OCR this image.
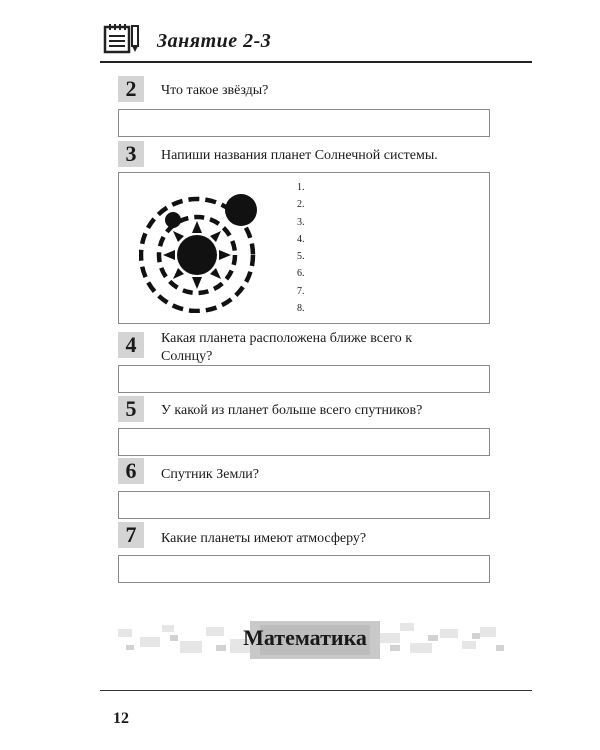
Занятие 2-3
2	Что такое звёзды?
3	Напиши названия планет Солнечной системы.
1.
2.
3.
4.
5.
6.
7.
8.
4	Какая планета расположена ближе всего к
Солнцу?
5	У какой из планет больше всего спутников?
6	Спутник Земли?
7	Какие планеты имеют атмосферу?
Математика
12
